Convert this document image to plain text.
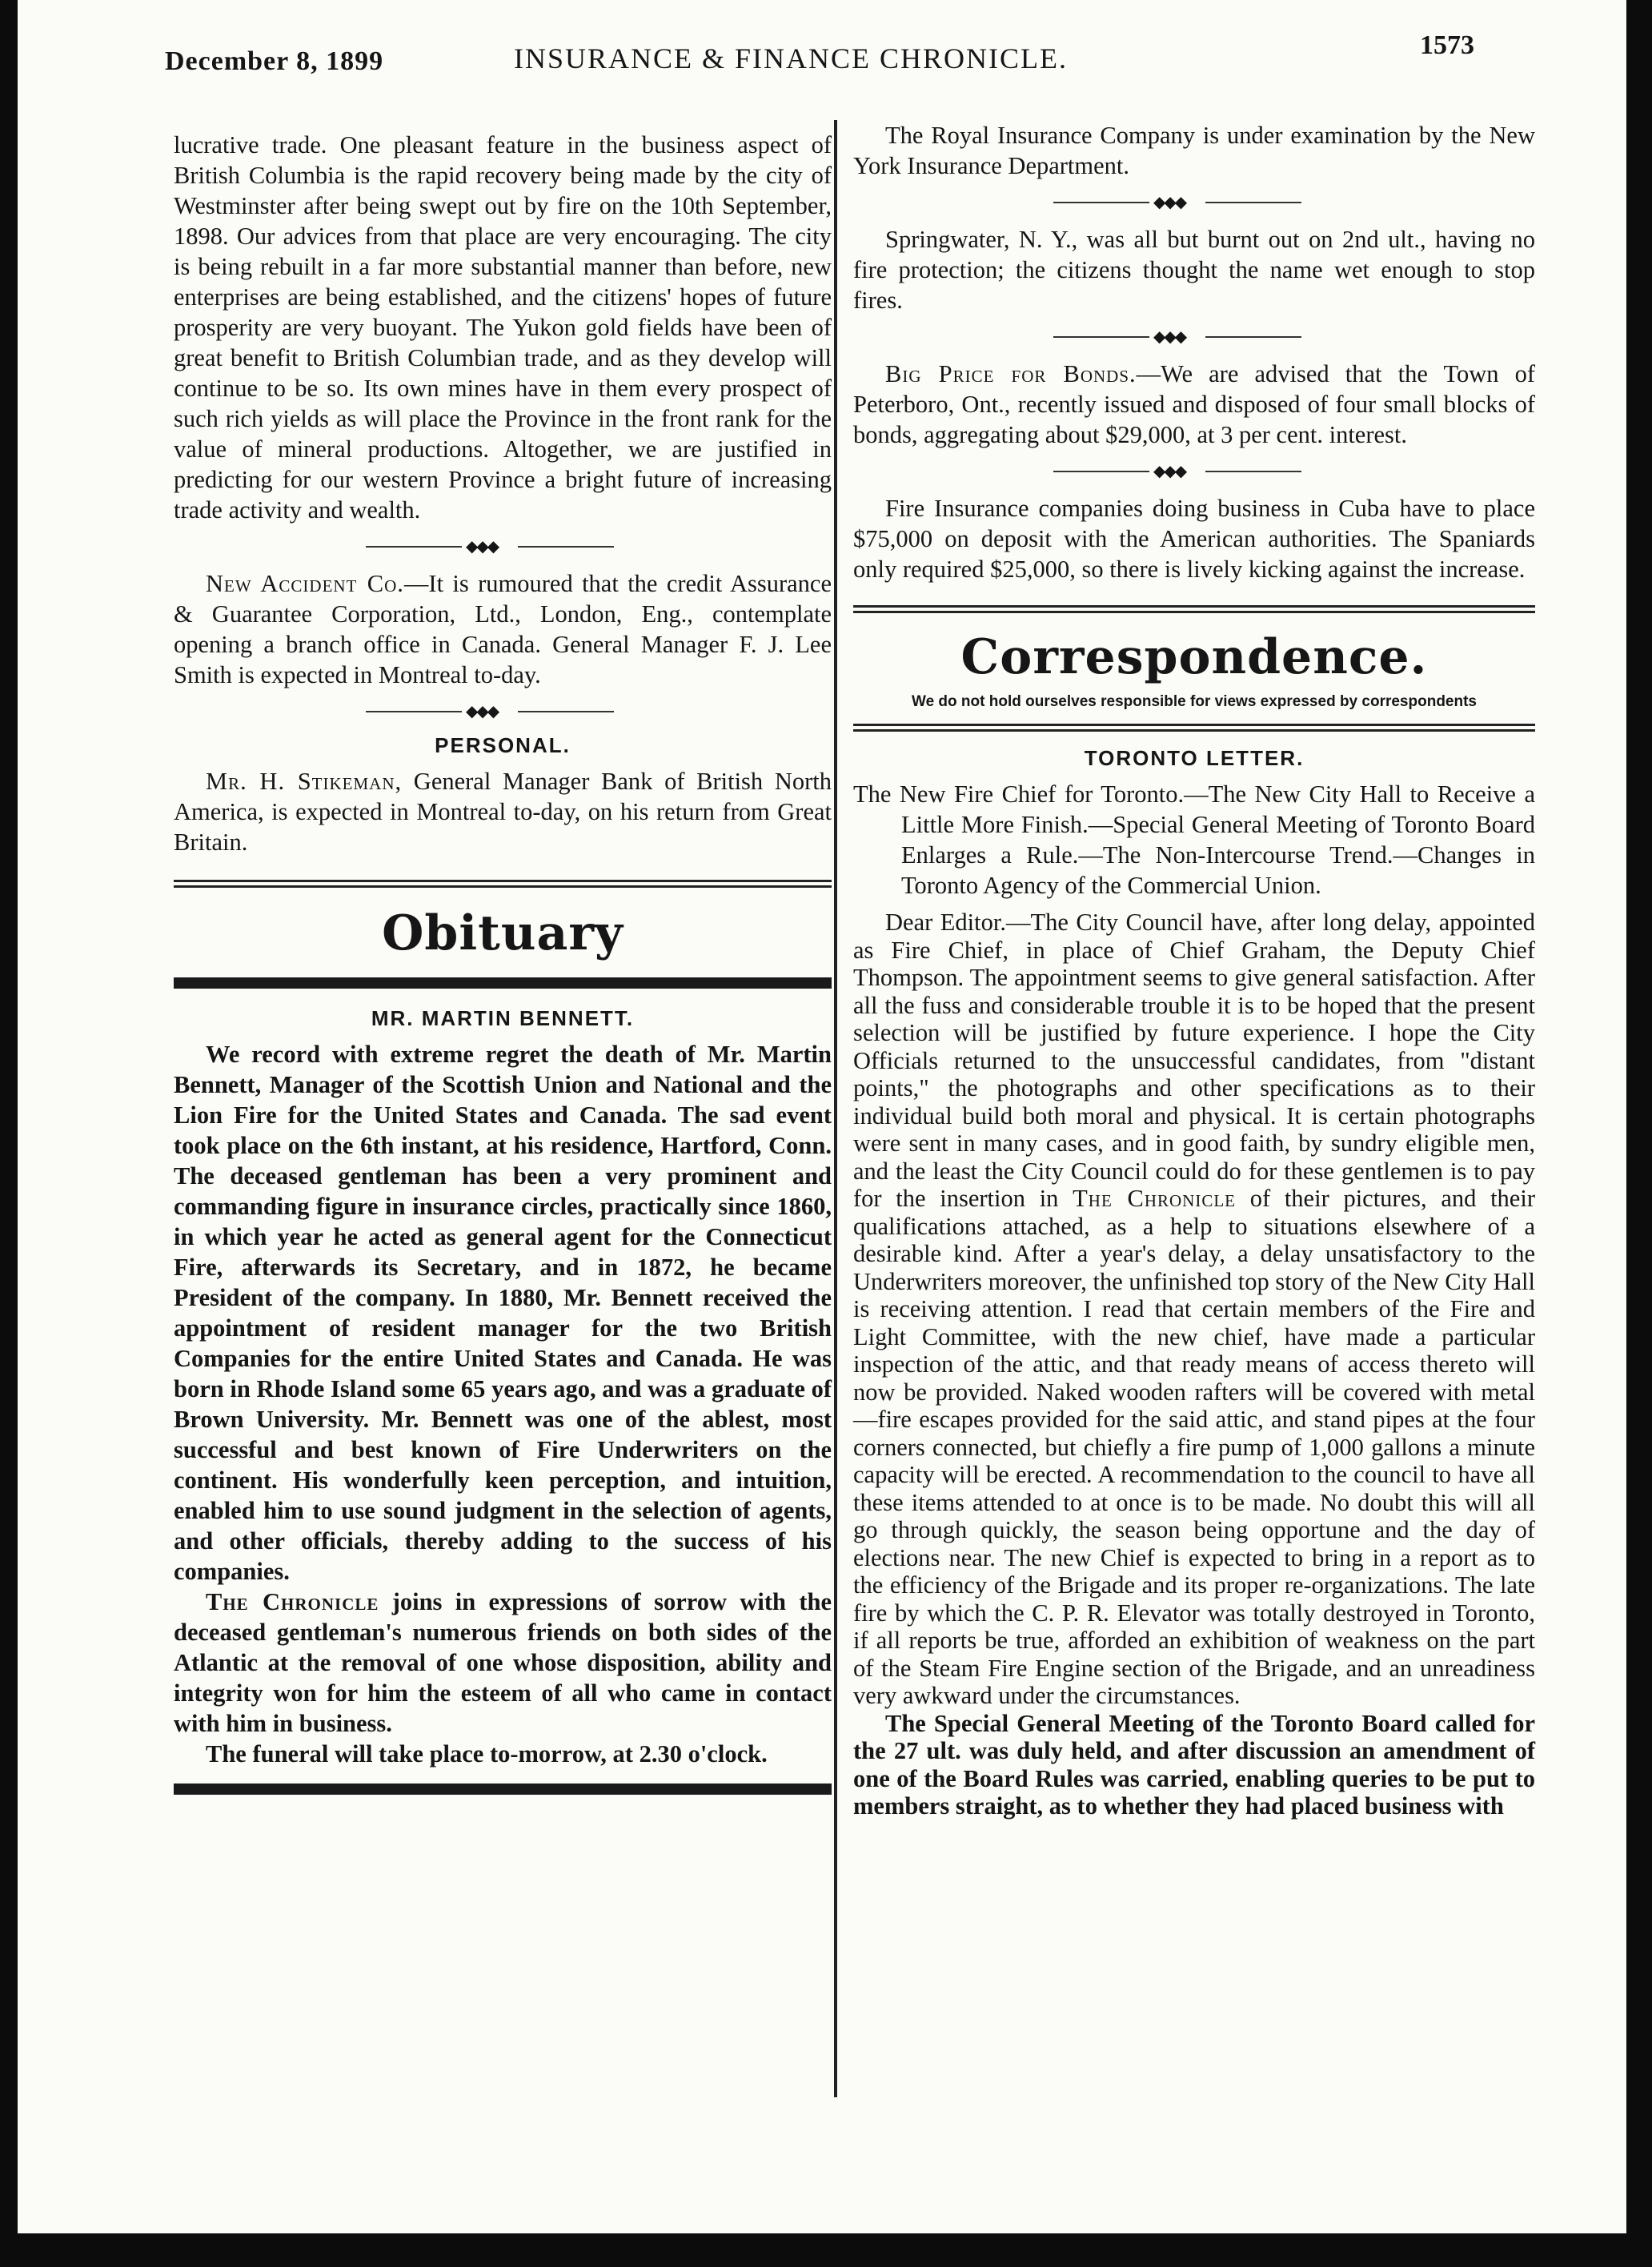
December 8, 1899	INSURANCE & FINANCE CHRONICLE.	1573

lucrative trade. One pleasant feature in the business aspect of British Columbia is the rapid recovery being made by the city of Westminster after being swept out by fire on the 10th September, 1898. Our advices from that place are very encouraging. The city is being rebuilt in a far more substantial manner than before, new enterprises are being established, and the citizens' hopes of future prosperity are very buoyant. The Yukon gold fields have been of great benefit to British Columbian trade, and as they develop will continue to be so. Its own mines have in them every prospect of such rich yields as will place the Province in the front rank for the value of mineral productions. Altogether, we are justified in predicting for our western Province a bright future of increasing trade activity and wealth.

◆◆◆

New Accident Co.—It is rumoured that the credit Assurance & Guarantee Corporation, Ltd., London, Eng., contemplate opening a branch office in Canada. General Manager F. J. Lee Smith is expected in Montreal to-day.

◆◆◆
PERSONAL.

Mr. H. Stikeman, General Manager Bank of British North America, is expected in Montreal to-day, on his return from Great Britain.

Obituary
MR. MARTIN BENNETT.

We record with extreme regret the death of Mr. Martin Bennett, Manager of the Scottish Union and National and the Lion Fire for the United States and Canada. The sad event took place on the 6th instant, at his residence, Hartford, Conn. The deceased gentleman has been a very prominent and commanding figure in insurance circles, practically since 1860, in which year he acted as general agent for the Connecticut Fire, afterwards its Secretary, and in 1872, he became President of the company. In 1880, Mr. Bennett received the appointment of resident manager for the two British Companies for the entire United States and Canada. He was born in Rhode Island some 65 years ago, and was a graduate of Brown University. Mr. Bennett was one of the ablest, most successful and best known of Fire Underwriters on the continent. His wonderfully keen perception, and intuition, enabled him to use sound judgment in the selection of agents, and other officials, thereby adding to the success of his companies.

The Chronicle joins in expressions of sorrow with the deceased gentleman's numerous friends on both sides of the Atlantic at the removal of one whose disposition, ability and integrity won for him the esteem of all who came in contact with him in business.

The funeral will take place to-morrow, at 2.30 o'clock.

The Royal Insurance Company is under examination by the New York Insurance Department.

◆◆◆

Springwater, N. Y., was all but burnt out on 2nd ult., having no fire protection; the citizens thought the name wet enough to stop fires.

◆◆◆

Big Price for Bonds.—We are advised that the Town of Peterboro, Ont., recently issued and disposed of four small blocks of bonds, aggregating about $29,000, at 3 per cent. interest.

◆◆◆

Fire Insurance companies doing business in Cuba have to place $75,000 on deposit with the American authorities. The Spaniards only required $25,000, so there is lively kicking against the increase.

Correspondence.
We do not hold ourselves responsible for views expressed by correspondents
TORONTO LETTER.

The New Fire Chief for Toronto.—The New City Hall to Receive a Little More Finish.—Special General Meeting of Toronto Board Enlarges a Rule.—The Non-Intercourse Trend.—Changes in Toronto Agency of the Commercial Union.

Dear Editor.—The City Council have, after long delay, appointed as Fire Chief, in place of Chief Graham, the Deputy Chief Thompson. The appointment seems to give general satisfaction. After all the fuss and considerable trouble it is to be hoped that the present selection will be justified by future experience. I hope the City Officials returned to the unsuccessful candidates, from "distant points," the photographs and other specifications as to their individual build both moral and physical. It is certain photographs were sent in many cases, and in good faith, by sundry eligible men, and the least the City Council could do for these gentlemen is to pay for the insertion in The Chronicle of their pictures, and their qualifications attached, as a help to situations elsewhere of a desirable kind. After a year's delay, a delay unsatisfactory to the Underwriters moreover, the unfinished top story of the New City Hall is receiving attention. I read that certain members of the Fire and Light Committee, with the new chief, have made a particular inspection of the attic, and that ready means of access thereto will now be provided. Naked wooden rafters will be covered with metal—fire escapes provided for the said attic, and stand pipes at the four corners connected, but chiefly a fire pump of 1,000 gallons a minute capacity will be erected. A recommendation to the council to have all these items attended to at once is to be made. No doubt this will all go through quickly, the season being opportune and the day of elections near. The new Chief is expected to bring in a report as to the efficiency of the Brigade and its proper re-organizations. The late fire by which the C. P. R. Elevator was totally destroyed in Toronto, if all reports be true, afforded an exhibition of weakness on the part of the Steam Fire Engine section of the Brigade, and an unreadiness very awkward under the circumstances.

The Special General Meeting of the Toronto Board called for the 27 ult. was duly held, and after discussion an amendment of one of the Board Rules was carried, enabling queries to be put to members straight, as to whether they had placed business with
